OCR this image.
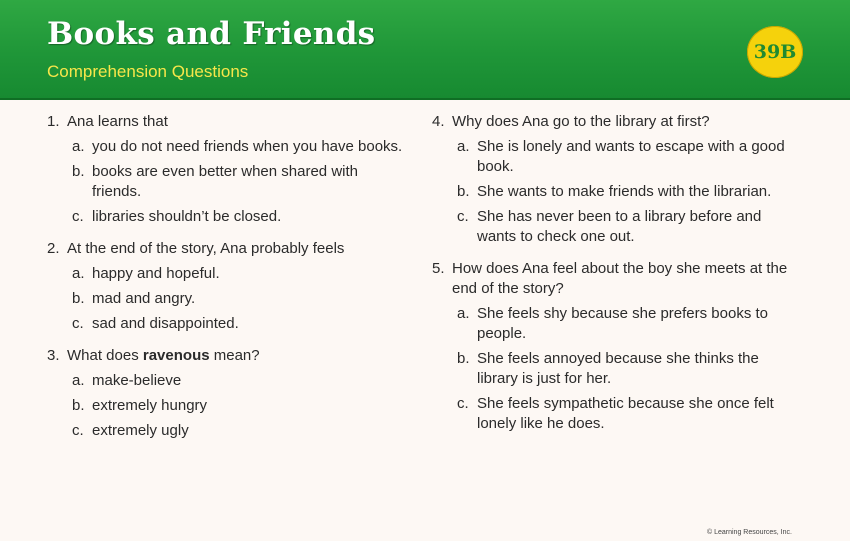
Books and Friends
Comprehension Questions
39B
1. Ana learns that
a. you do not need friends when you have books.
b. books are even better when shared with friends.
c. libraries shouldn’t be closed.
2. At the end of the story, Ana probably feels
a. happy and hopeful.
b. mad and angry.
c. sad and disappointed.
3. What does ravenous mean?
a. make-believe
b. extremely hungry
c. extremely ugly
4. Why does Ana go to the library at first?
a. She is lonely and wants to escape with a good book.
b. She wants to make friends with the librarian.
c. She has never been to a library before and wants to check one out.
5. How does Ana feel about the boy she meets at the end of the story?
a. She feels shy because she prefers books to people.
b. She feels annoyed because she thinks the library is just for her.
c. She feels sympathetic because she once felt lonely like he does.
© Learning Resources, Inc.
